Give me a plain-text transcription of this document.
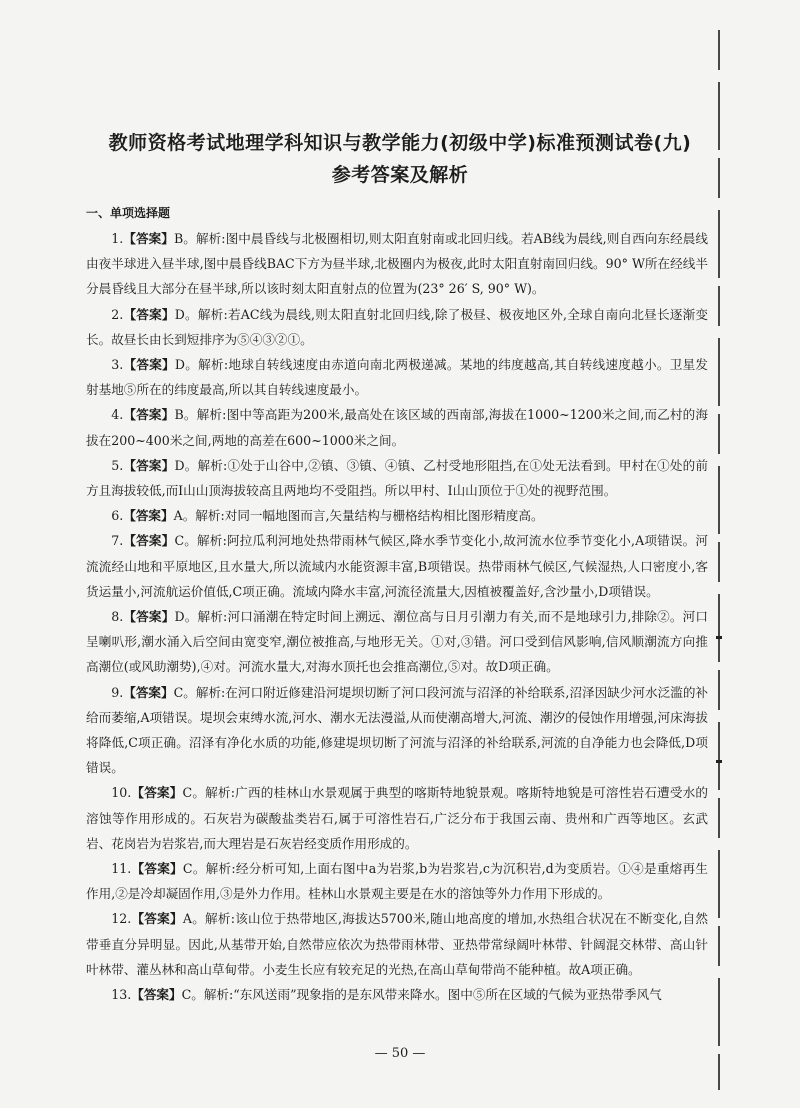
教师资格考试地理学科知识与教学能力(初级中学)标准预测试卷(九)
参考答案及解析
一、单项选择题

1.【答案】B。解析:图中晨昏线与北极圈相切,则太阳直射南或北回归线。若AB线为晨线,则自西向东经晨线由夜半球进入昼半球,图中晨昏线BAC下方为昼半球,北极圈内为极夜,此时太阳直射南回归线。90° W所在经线半分晨昏线且大部分在昼半球,所以该时刻太阳直射点的位置为(23° 26′ S, 90° W)。

2.【答案】D。解析:若AC线为晨线,则太阳直射北回归线,除了极昼、极夜地区外,全球自南向北昼长逐渐变长。故昼长由长到短排序为⑤④③②①。

3.【答案】D。解析:地球自转线速度由赤道向南北两极递减。某地的纬度越高,其自转线速度越小。卫星发射基地⑤所在的纬度最高,所以其自转线速度最小。

4.【答案】B。解析:图中等高距为200米,最高处在该区域的西南部,海拔在1000~1200米之间,而乙村的海拔在200~400米之间,两地的高差在600~1000米之间。

5.【答案】D。解析:①处于山谷中,②镇、③镇、④镇、乙村受地形阻挡,在①处无法看到。甲村在①处的前方且海拔较低,而Ⅰ山山顶海拔较高且两地均不受阻挡。所以甲村、Ⅰ山山顶位于①处的视野范围。

6.【答案】A。解析:对同一幅地图而言,矢量结构与栅格结构相比图形精度高。

7.【答案】C。解析:阿拉瓜利河地处热带雨林气候区,降水季节变化小,故河流水位季节变化小,A项错误。河流流经山地和平原地区,且水量大,所以流域内水能资源丰富,B项错误。热带雨林气候区,气候湿热,人口密度小,客货运量小,河流航运价值低,C项正确。流域内降水丰富,河流径流量大,因植被覆盖好,含沙量小,D项错误。

8.【答案】D。解析:河口涌潮在特定时间上溯远、潮位高与日月引潮力有关,而不是地球引力,排除②。河口呈喇叭形,潮水涌入后空间由宽变窄,潮位被推高,与地形无关。①对,③错。河口受到信风影响,信风顺潮流方向推高潮位(或风助潮势),④对。河流水量大,对海水顶托也会推高潮位,⑤对。故D项正确。

9.【答案】C。解析:在河口附近修建沿河堤坝切断了河口段河流与沼泽的补给联系,沼泽因缺少河水泛滥的补给而萎缩,A项错误。堤坝会束缚水流,河水、潮水无法漫溢,从而使潮高增大,河流、潮汐的侵蚀作用增强,河床海拔将降低,C项正确。沼泽有净化水质的功能,修建堤坝切断了河流与沼泽的补给联系,河流的自净能力也会降低,D项错误。

10.【答案】C。解析:广西的桂林山水景观属于典型的喀斯特地貌景观。喀斯特地貌是可溶性岩石遭受水的溶蚀等作用形成的。石灰岩为碳酸盐类岩石,属于可溶性岩石,广泛分布于我国云南、贵州和广西等地区。玄武岩、花岗岩为岩浆岩,而大理岩是石灰岩经变质作用形成的。

11.【答案】C。解析:经分析可知,上面右图中a为岩浆,b为岩浆岩,c为沉积岩,d为变质岩。①④是重熔再生作用,②是冷却凝固作用,③是外力作用。桂林山水景观主要是在水的溶蚀等外力作用下形成的。

12.【答案】A。解析:该山位于热带地区,海拔达5700米,随山地高度的增加,水热组合状况在不断变化,自然带垂直分异明显。因此,从基带开始,自然带应依次为热带雨林带、亚热带常绿阔叶林带、针阔混交林带、高山针叶林带、灌丛林和高山草甸带。小麦生长应有较充足的光热,在高山草甸带尚不能种植。故A项正确。

13.【答案】C。解析:“东风送雨”现象指的是东风带来降水。图中⑤所在区域的气候为亚热带季风气

— 50 —
